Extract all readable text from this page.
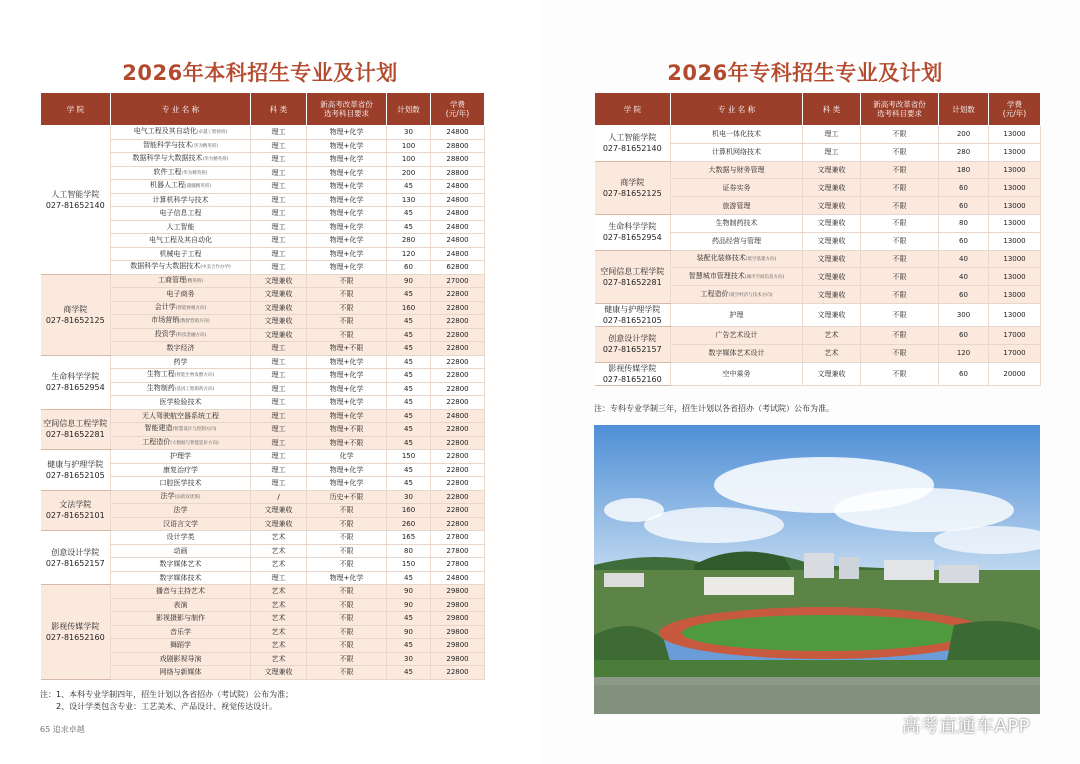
2026年本科招生专业及计划
学 院	专 业 名 称	科 类	新高考改革省份
选考科目要求	计划数	学费
(元/年)

人工智能学院
027-81652140	电气工程及其自动化(卓越工程师班)	理工	物理+化学	30	24800
	智能科学与技术(华为精英班)	理工	物理+化学	100	28800
	数据科学与大数据技术(华为精英班)	理工	物理+化学	100	28800
	软件工程(华为精英班)	理工	物理+化学	200	28800
	机器人工程(越疆精英班)	理工	物理+化学	45	24800
	计算机科学与技术	理工	物理+化学	130	24800
	电子信息工程	理工	物理+化学	45	24800
	人工智能	理工	物理+化学	45	24800
	电气工程及其自动化	理工	物理+化学	280	24800
	机械电子工程	理工	物理+化学	120	24800
	数据科学与大数据技术(中美合作办学)	理工	物理+化学	60	62800

商学院
027-81652125	工商管理(精英班)	文理兼收	不限	90	27000
	电子商务	文理兼收	不限	45	22800
	会计学(智能财税方向)	文理兼收	不限	160	22800
	市场营销(数智营销方向)	文理兼收	不限	45	22800
	投资学(科技金融方向)	文理兼收	不限	45	22800
	数字经济	理工	物理+不限	45	22800

生命科学学院
027-81652954	药学	理工	物理+化学	45	22800
	生物工程(智能生物发酵方向)	理工	物理+化学	45	22800
	生物制药(基因工程制药方向)	理工	物理+化学	45	22800
	医学检验技术	理工	物理+化学	45	22800

空间信息工程学院
027-81652281	无人驾驶航空器系统工程	理工	物理+化学	45	24800
	智能建造(智慧设计与控制方向)	理工	物理+不限	45	22800
	工程造价(大数据与智能造价方向)	理工	物理+不限	45	22800

健康与护理学院
027-81652105	护理学	理工	化学	150	22800
	康复治疗学	理工	物理+化学	45	22800
	口腔医学技术	理工	物理+化学	45	22800

文法学院
027-81652101	法学(法政双优班)	/	历史+不限	30	22800
	法学	文理兼收	不限	160	22800
	汉语言文学	文理兼收	不限	260	22800

创意设计学院
027-81652157	设计学类	艺术	不限	165	27800
	动画	艺术	不限	80	27800
	数字媒体艺术	艺术	不限	150	27800
	数字媒体技术	理工	物理+化学	45	24800

影视传媒学院
027-81652160	播音与主持艺术	艺术	不限	90	29800
	表演	艺术	不限	90	29800
	影视摄影与制作	艺术	不限	45	29800
	音乐学	艺术	不限	90	29800
	舞蹈学	艺术	不限	45	29800
	戏剧影视导演	艺术	不限	30	29800
	网络与新媒体	文理兼收	不限	45	22800
注：1、本科专业学制四年，招生计划以各省招办（考试院）公布为准；
　　2、设计学类包含专业：工艺美术、产品设计、视觉传达设计。
65 追求卓越
2026年专科招生专业及计划
学 院	专 业 名 称	科 类	新高考改革省份
选考科目要求	计划数	学费
(元/年)

人工智能学院
027-81652140	机电一体化技术	理工	不限	200	13000
	计算机网络技术	理工	不限	280	13000

商学院
027-81652125	大数据与财务管理	文理兼收	不限	180	13000
	证券实务	文理兼收	不限	60	13000
	旅游管理	文理兼收	不限	60	13000

生命科学学院
027-81652954	生物制药技术	文理兼收	不限	80	13000
	药品经营与管理	文理兼收	不限	60	13000

空间信息工程学院
027-81652281	装配化装修技术(低空基建方向)	文理兼收	不限	40	13000
	智慧城市管理技术(城市空间信息方向)	文理兼收	不限	40	13000
	工程造价(低空经济与技术方向)	文理兼收	不限	60	13000

健康与护理学院
027-81652105	护理	文理兼收	不限	300	13000

创意设计学院
027-81652157	广告艺术设计	艺术	不限	60	17000
	数字媒体艺术设计	艺术	不限	120	17000

影视传媒学院
027-81652160	空中乘务	文理兼收	不限	60	20000
注：专科专业学制三年，招生计划以各省招办（考试院）公布为准。
高考直通车APP
